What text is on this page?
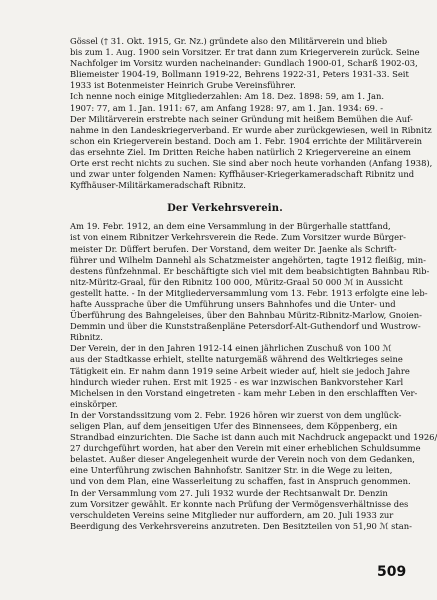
Gössel († 31. Okt. 1915, Gr. Nz.) gründete also den Militärverein und blieb
bis zum 1. Aug. 1900 sein Vorsitzer. Er trat dann zum Kriegerverein zurück. Seine
Nachfolger im Vorsitz wurden nacheinander: Gundlach 1900-01, Scharß 1902-03,
Bliemeister 1904-19, Bollmann 1919-22, Behrens 1922-31, Peters 1931-33. Seit
1933 ist Botenmeister Heinrich Grube Vereinsführer.
Ich nenne noch einige Mitgliederzahlen: Am 18. Dez. 1898: 59, am 1. Jan.
1907: 77, am 1. Jan. 1911: 67, am Anfang 1928: 97, am 1. Jan. 1934: 69. -
Der Militärverein erstrebte nach seiner Gründung mit heißem Bemühen die Auf-
nahme in den Landeskriegerverband. Er wurde aber zurückgewiesen, weil in Ribnitz
schon ein Kriegerverein bestand. Doch am 1. Febr. 1904 errichte der Militärverein
das ersehnte Ziel. Im Dritten Reiche haben natürlich 2 Kriegervereine an einem
Orte erst recht nichts zu suchen. Sie sind aber noch heute vorhanden (Anfang 1938),
und zwar unter folgenden Namen: Kyffhäuser-Kriegerkameradschaft Ribnitz und
Kyffhäuser-Militärkameradschaft Ribnitz.
Der Verkehrsverein.
Am 19. Febr. 1912, an dem eine Versammlung in der Bürgerhalle stattfand,
ist von einem Ribnitzer Verkehrsverein die Rede. Zum Vorsitzer wurde Bürger-
meister Dr. Düffert berufen. Der Vorstand, dem weiter Dr. Jaenke als Schrift-
führer und Wilhelm Dannehl als Schatzmeister angehörten, tagte 1912 fleißig, min-
destens fünfzehnmal. Er beschäftigte sich viel mit dem beabsichtigten Bahnbau Rib-
nitz-Müritz-Graal, für den Ribnitz 100 000, Müritz-Graal 50 000 ℳ in Aussicht
gestellt hatte. - In der Mitgliederversammlung vom 13. Febr. 1913 erfolgte eine leb-
hafte Aussprache über die Umführung unsers Bahnhofes und die Unter- und
Überführung des Bahngeleises, über den Bahnbau Müritz-Ribnitz-Marlow, Gnoien-
Demmin und über die Kunststraßenpläne Petersdorf-Alt-Guthendorf und Wustrow-
Ribnitz.
Der Verein, der in den Jahren 1912-14 einen jährlichen Zuschuß von 100 ℳ
aus der Stadtkasse erhielt, stellte naturgemäß während des Weltkrieges seine
Tätigkeit ein. Er nahm dann 1919 seine Arbeit wieder auf, hielt sie jedoch Jahre
hindurch wieder ruhen. Erst mit 1925 - es war inzwischen Bankvorsteher Karl
Michelsen in den Vorstand eingetreten - kam mehr Leben in den erschlafften Ver-
einskörper.
In der Vorstandssitzung vom 2. Febr. 1926 hören wir zuerst von dem unglück-
seligen Plan, auf dem jenseitigen Ufer des Binnensees, dem Köppenberg, ein
Strandbad einzurichten. Die Sache ist dann auch mit Nachdruck angepackt und 1926/
27 durchgeführt worden, hat aber den Verein mit einer erheblichen Schuldsumme
belastet. Außer dieser Angelegenheit wurde der Verein noch von dem Gedanken,
eine Unterführung zwischen Bahnhofstr. Sanitzer Str. in die Wege zu leiten,
und von dem Plan, eine Wasserleitung zu schaffen, fast in Anspruch genommen.
In der Versammlung vom 27. Juli 1932 wurde der Rechtsanwalt Dr. Denzin
zum Vorsitzer gewählt. Er konnte nach Prüfung der Vermögensverhältnisse des
verschuldeten Vereins seine Mitglieder nur auffordern, am 20. Juli 1933 zur
Beerdigung des Verkehrsvereins anzutreten. Den Besitzteilen von 51,90 ℳ stan-
509
